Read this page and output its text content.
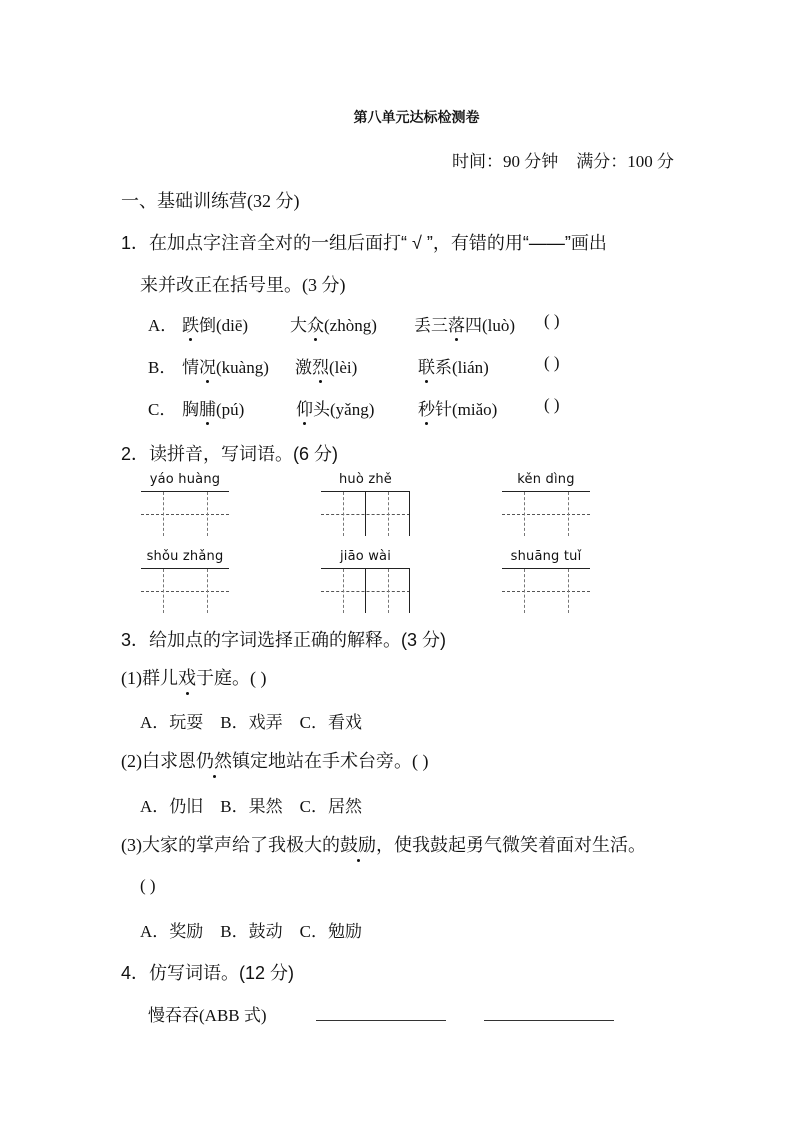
第八单元达标检测卷
时间：90 分钟 满分：100 分
一、基础训练营(32 分)
1．在加点字注音全对的一组后面打“ √ ”，有错的用“——”画出
来并改正在括号里。(3 分)
A． 跌倒(diē) 大众(zhòng) 丢三落四(luò) ( )
B． 情况(kuàng) 激烈(lèi)	联系(lián)	( )
C． 胸脯(pú)	仰头(yǎng)	秒针(miǎo)	( )
2．读拼音，写词语。(6 分)
yáo huàng	huò zhě	kěn dìng
shǒu zhǎng	jiāo wài	shuāng tuǐ
3．给加点的字词选择正确的解释。(3 分)
(1)群儿戏于庭。( )
A．玩耍　B．戏弄　C．看戏
(2)白求恩仍然镇定地站在手术台旁。( )
A．仍旧　B．果然　C．居然
(3)大家的掌声给了我极大的鼓励，使我鼓起勇气微笑着面对生活。
( )
A．奖励　B．鼓动　C．勉励
4．仿写词语。(12 分)
慢吞吞(ABB 式)
